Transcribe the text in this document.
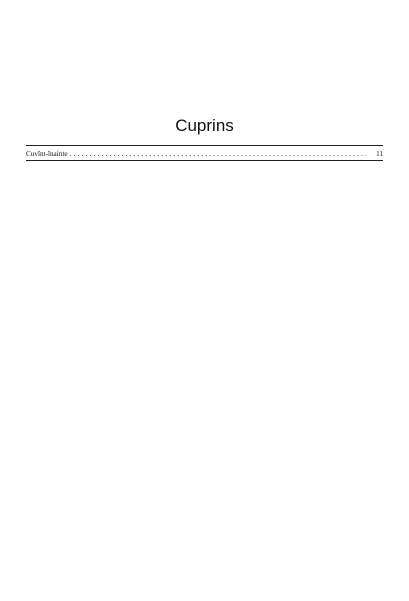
Cuprins
Cuvînt-înainte . . .	11
